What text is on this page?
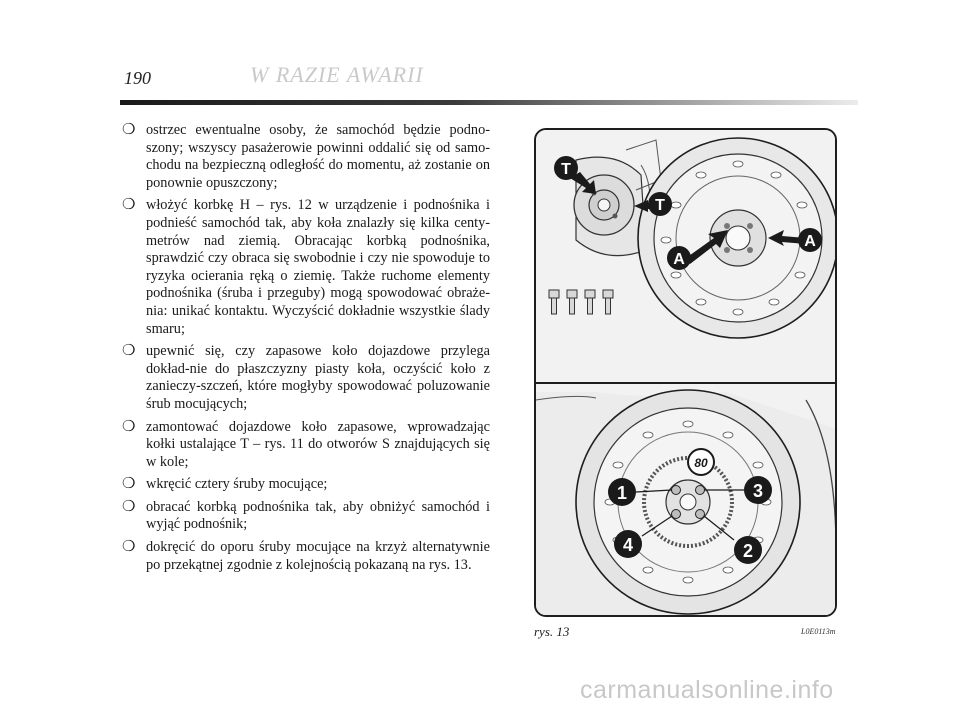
190	W RAZIE AWARII
❍ ostrzec ewentualne osoby, że samochód będzie podno-szony; wszyscy pasażerowie powinni oddalić się od samo-chodu na bezpieczną odległość do momentu, aż zostanie on ponownie opuszczony;
❍ włożyć korbkę H – rys. 12 w urządzenie i podnośnika i podnieść samochód tak, aby koła znalazły się kilka centy-metrów nad ziemią. Obracając korbką podnośnika, sprawdzić czy obraca się swobodnie i czy nie spowoduje to ryzyka ocierania ręką o ziemię. Także ruchome elementy podnośnika (śruba i przeguby) mogą spowodować obraże-nia: unikać kontaktu. Wyczyścić dokładnie wszystkie ślady smaru;
❍ upewnić się, czy zapasowe koło dojazdowe przylega dokład-nie do płaszczyzny piasty koła, oczyścić koło z zanieczy-szczeń, które mogłyby spowodować poluzowanie śrub mocujących;
❍ zamontować dojazdowe koło zapasowe, wprowadzając kołki ustalające T – rys. 11 do otworów S znajdujących się w kole;
❍ wkręcić cztery śruby mocujące;
❍ obracać korbką podnośnika tak, aby obniżyć samochód i wyjąć podnośnik;
❍ dokręcić do oporu śruby mocujące na krzyż alternatywnie po przekątnej zgodnie z kolejnością pokazaną na rys. 13.
T
T
A
A
80
1	3
2
4
rys. 13	L0E0113m
carmanualsonline.info
